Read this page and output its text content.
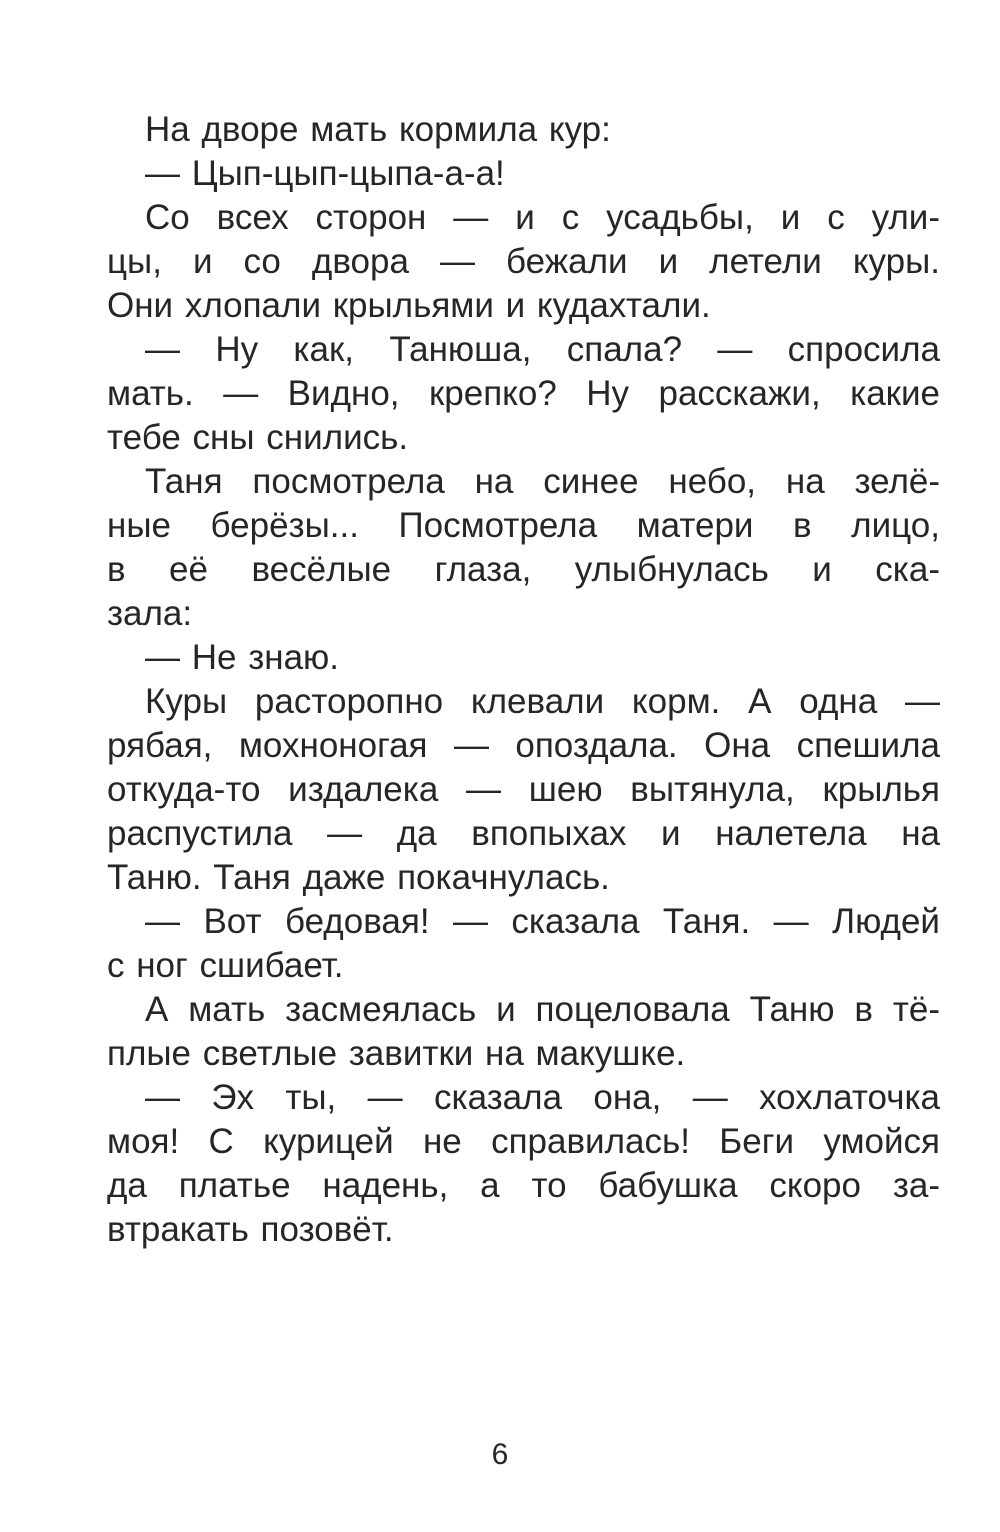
На дворе мать кормила кур:
— Цып-цып-цыпа-а-а!
Со всех сторон — и с усадьбы, и с ули-
цы, и со двора — бежали и летели куры.
Они хлопали крыльями и кудахтали.
— Ну как, Танюша, спала? — спросила
мать. — Видно, крепко? Ну расскажи, какие
тебе сны снились.
Таня посмотрела на синее небо, на зелё-
ные берёзы... Посмотрела матери в лицо,
в её весёлые глаза, улыбнулась и ска-
зала:
— Не знаю.
Куры расторопно клевали корм. А одна —
рябая, мохноногая — опоздала. Она спешила
откуда-то издалека — шею вытянула, крылья
распустила — да впопыхах и налетела на
Таню. Таня даже покачнулась.
— Вот бедовая! — сказала Таня. — Людей
с ног сшибает.
А мать засмеялась и поцеловала Таню в тё-
плые светлые завитки на макушке.
— Эх ты, — сказала она, — хохлаточка
моя! С курицей не справилась! Беги умойся
да платье надень, а то бабушка скоро за-
втракать позовёт.
6
